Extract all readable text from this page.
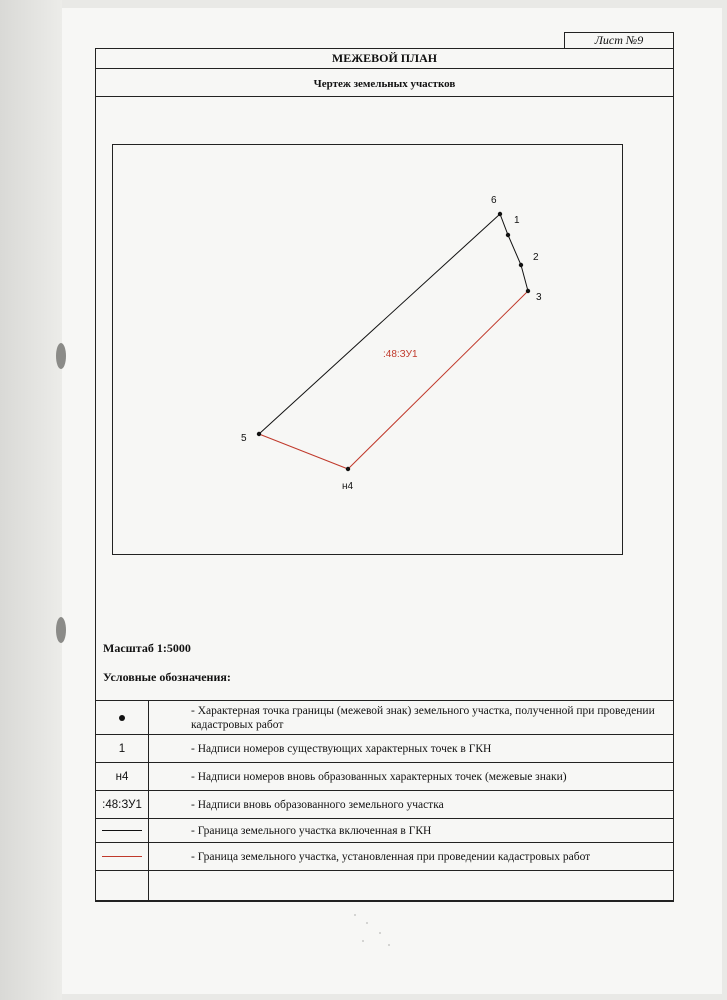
Лист №9
МЕЖЕВОЙ ПЛАН
Чертеж земельных участков
6
1
2
3
н4
5
:48:ЗУ1
Масштаб 1:5000
Условные обозначения:
	- Характерная точка границы (межевой знак) земельного участка, полученной при проведении кадастровых работ
1	- Надписи номеров существующих характерных точек в ГКН
н4	- Надписи номеров вновь образованных характерных точек (межевые знаки)
:48:ЗУ1	- Надписи вновь образованного земельного участка
	- Граница земельного участка включенная в ГКН
	- Граница земельного участка, установленная при проведении кадастровых работ
